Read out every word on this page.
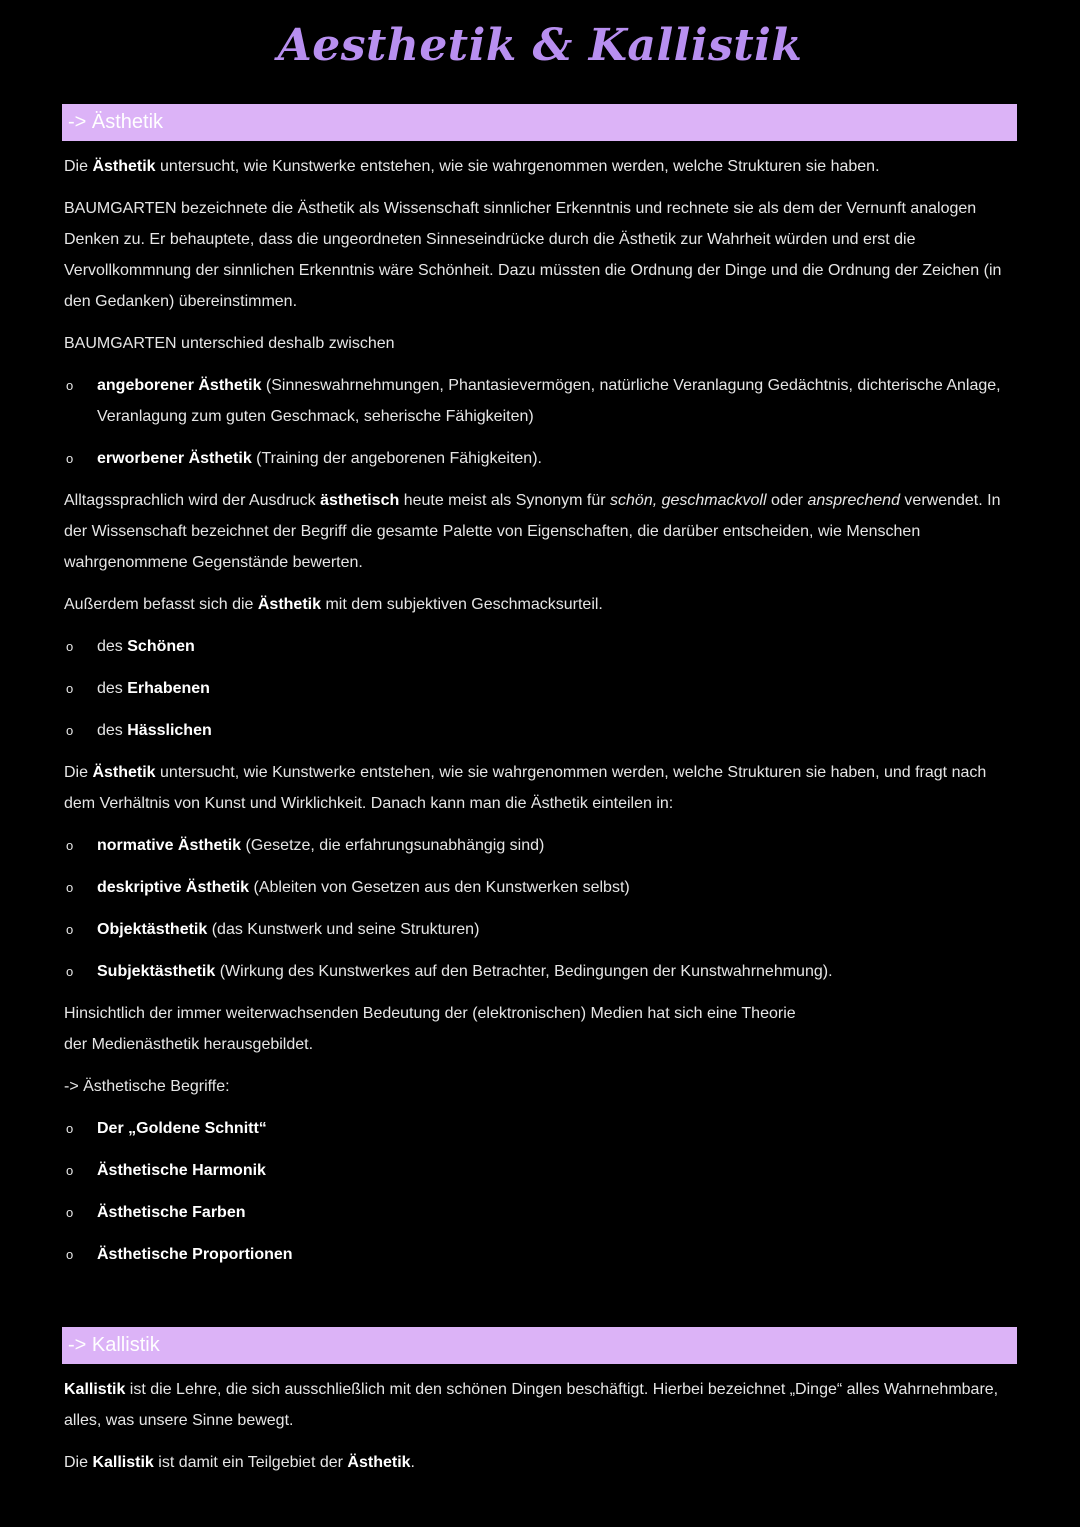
Aesthetik & Kallistik
-> Ästhetik

Die Ästhetik untersucht, wie Kunstwerke entstehen, wie sie wahrgenommen werden, welche Strukturen sie haben.

BAUMGARTEN bezeichnete die Ästhetik als Wissenschaft sinnlicher Erkenntnis und rechnete sie als dem der Vernunft analogen Denken zu. Er behauptete, dass die ungeordneten Sinneseindrücke durch die Ästhetik zur Wahrheit würden und erst die Vervollkommnung der sinnlichen Erkenntnis wäre Schönheit. Dazu müssten die Ordnung der Dinge und die Ordnung der Zeichen (in den Gedanken) übereinstimmen.

BAUMGARTEN unterschied deshalb zwischen

o angeborener Ästhetik (Sinneswahrnehmungen, Phantasievermögen, natürliche Veranlagung Gedächtnis, dichterische Anlage, Veranlagung zum guten Geschmack, seherische Fähigkeiten)
o erworbener Ästhetik (Training der angeborenen Fähigkeiten).

Alltagssprachlich wird der Ausdruck ästhetisch heute meist als Synonym für schön, geschmackvoll oder ansprechend verwendet. In der Wissenschaft bezeichnet der Begriff die gesamte Palette von Eigenschaften, die darüber entscheiden, wie Menschen wahrgenommene Gegenstände bewerten.

Außerdem befasst sich die Ästhetik mit dem subjektiven Geschmacksurteil.

o des Schönen
o des Erhabenen
o des Hässlichen

Die Ästhetik untersucht, wie Kunstwerke entstehen, wie sie wahrgenommen werden, welche Strukturen sie haben, und fragt nach dem Verhältnis von Kunst und Wirklichkeit. Danach kann man die Ästhetik einteilen in:

o normative Ästhetik (Gesetze, die erfahrungsunabhängig sind)
o deskriptive Ästhetik (Ableiten von Gesetzen aus den Kunstwerken selbst)
o Objektästhetik (das Kunstwerk und seine Strukturen)
o Subjektästhetik (Wirkung des Kunstwerkes auf den Betrachter, Bedingungen der Kunstwahrnehmung).

Hinsichtlich der immer weiterwachsenden Bedeutung der (elektronischen) Medien hat sich eine Theorie
der Medienästhetik herausgebildet.

-> Ästhetische Begriffe:

o Der „Goldene Schnitt“
o Ästhetische Harmonik
o Ästhetische Farben
o Ästhetische Proportionen
-> Kallistik

Kallistik ist die Lehre, die sich ausschließlich mit den schönen Dingen beschäftigt. Hierbei bezeichnet „Dinge“ alles Wahrnehmbare, alles, was unsere Sinne bewegt.

Die Kallistik ist damit ein Teilgebiet der Ästhetik.
